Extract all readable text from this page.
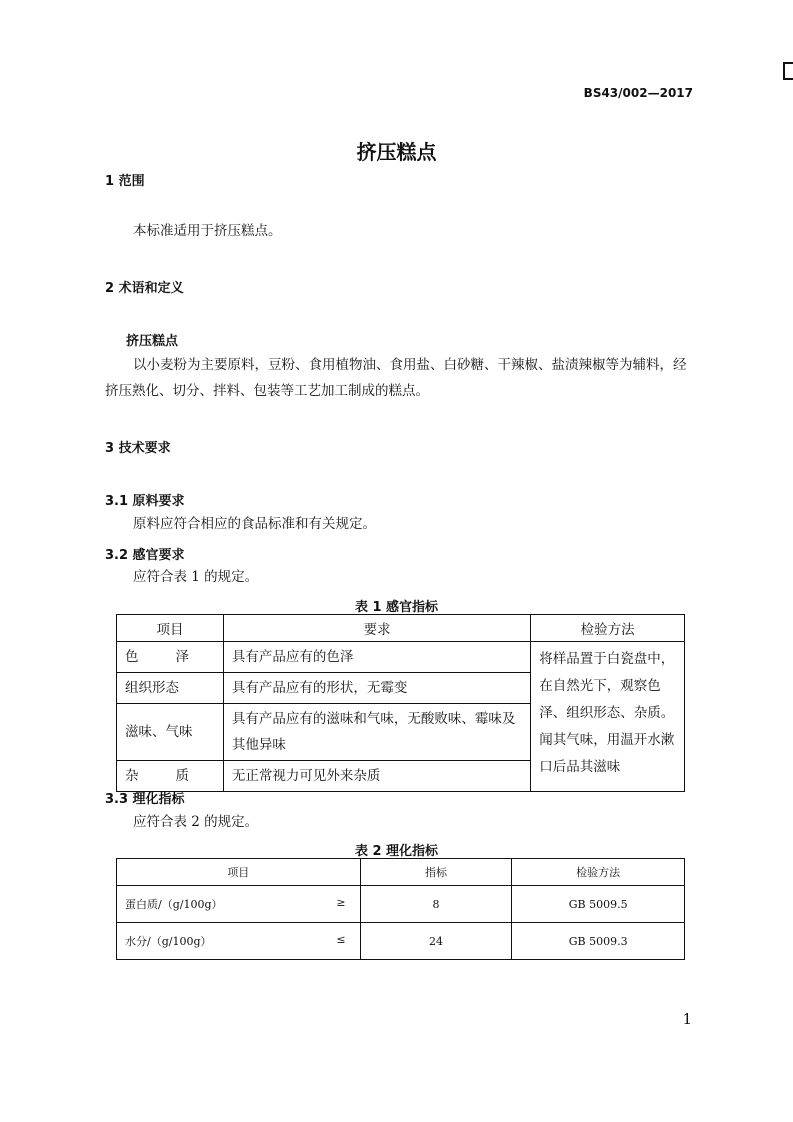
BS43/002—2017
挤压糕点
1 范围
本标准适用于挤压糕点。
2 术语和定义
挤压糕点
以小麦粉为主要原料，豆粉、食用植物油、食用盐、白砂糖、干辣椒、盐渍辣椒等为辅料，经挤压熟化、切分、拌料、包装等工艺加工制成的糕点。
3 技术要求
3.1 原料要求
原料应符合相应的食品标准和有关规定。
3.2 感官要求
应符合表 1 的规定。
表 1 感官指标
项目	要求	检验方法

色 泽	具有产品应有的色泽	将样品置于白瓷盘中，在自然光下，观察色泽、组织形态、杂质。闻其气味，用温开水漱口后品其滋味
组织形态	具有产品应有的形状，无霉变	
滋味、气味	具有产品应有的滋味和气味，无酸败味、霉味及其他异味	

杂 质	无正常视力可见外来杂质	
3.3 理化指标
应符合表 2 的规定。
表 2 理化指标
项目	指标	检验方法

蛋白质/（g/100g） ≥	8	GB 5009.5

水分/（g/100g） ≤	24	GB 5009.3
1
